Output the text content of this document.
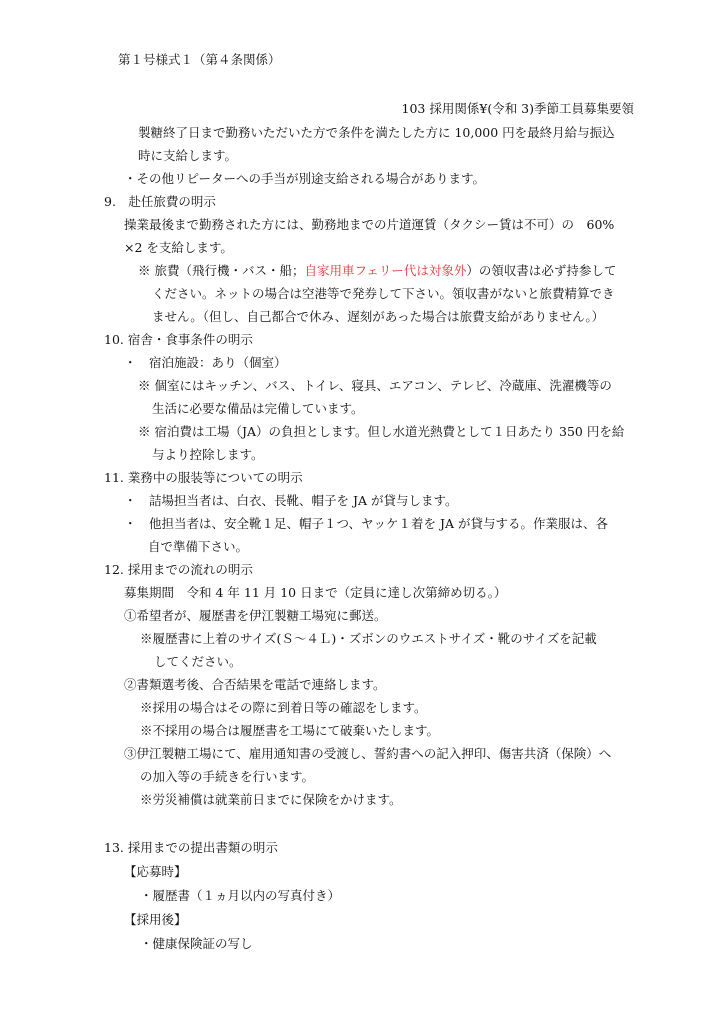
第１号様式１（第４条関係）
103 採用関係¥(令和 3)季節工員募集要領
製糖終了日まで勤務いただいた方で条件を満たした方に 10,000 円を最終月給与振込
時に支給します。
・その他リピーターへの手当が別途支給される場合があります。
9.　赴任旅費の明示
操業最後まで勤務された方には、勤務地までの片道運賃（タクシー賃は不可）の　60%
×2 を支給します。
※ 旅費（飛行機・バス・船；自家用車フェリー代は対象外）の領収書は必ず持参して
ください。ネットの場合は空港等で発券して下さい。領収書がないと旅費精算でき
ません。（但し、自己都合で休み、遅刻があった場合は旅費支給がありません。）
10. 宿舎・食事条件の明示
・　宿泊施設：あり（個室）
※ 個室にはキッチン、バス、トイレ、寝具、エアコン、テレビ、冷蔵庫、洗濯機等の
生活に必要な備品は完備しています。
※ 宿泊費は工場（JA）の負担とします。但し水道光熱費として１日あたり 350 円を給
与より控除します。
11. 業務中の服装等についての明示
・　詰場担当者は、白衣、長靴、帽子を JA が貸与します。
・　他担当者は、安全靴１足、帽子１つ、ヤッケ１着を JA が貸与する。作業服は、各
自で準備下さい。
12. 採用までの流れの明示
募集期間　令和 4 年 11 月 10 日まで（定員に達し次第締め切る。）
①希望者が、履歴書を伊江製糖工場宛に郵送。
※履歴書に上着のサイズ(Ｓ～４Ｌ)・ズボンのウエストサイズ・靴のサイズを記載
してください。
②書類選考後、合否結果を電話で連絡します。
※採用の場合はその際に到着日等の確認をします。
※不採用の場合は履歴書を工場にて破棄いたします。
③伊江製糖工場にて、雇用通知書の受渡し、誓約書への記入押印、傷害共済（保険）へ
の加入等の手続きを行います。
※労災補償は就業前日までに保険をかけます。
13. 採用までの提出書類の明示
【応募時】
・履歴書（１ヵ月以内の写真付き）
【採用後】
・健康保険証の写し
